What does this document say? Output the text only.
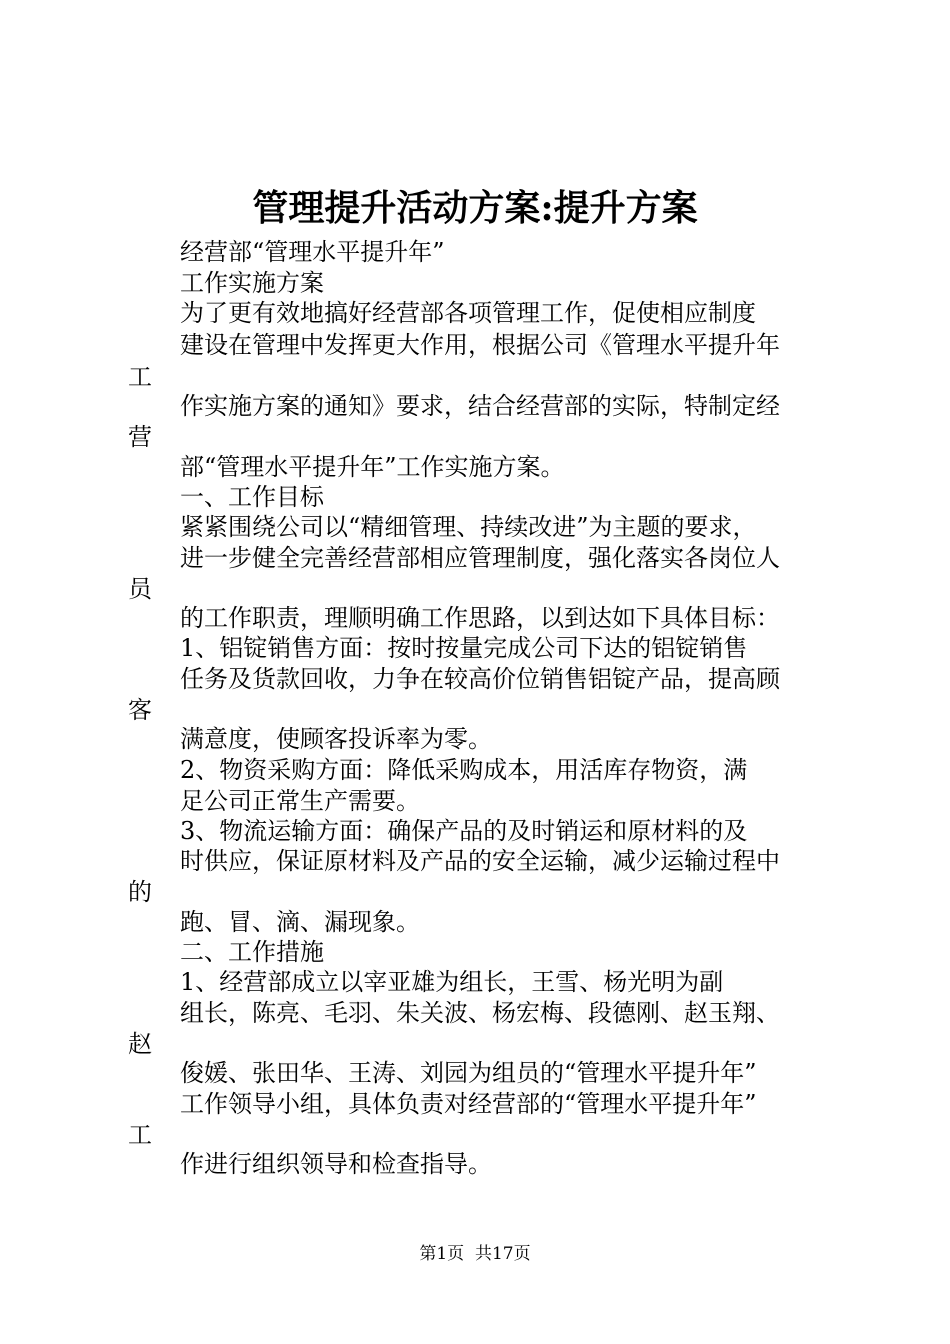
管理提升活动方案:提升方案

经营部“管理水平提升年”

工作实施方案

为了更有效地搞好经营部各项管理工作，促使相应制度

建设在管理中发挥更大作用，根据公司《管理水平提升年

工

作实施方案的通知》要求，结合经营部的实际，特制定经

营

部“管理水平提升年”工作实施方案。

一、工作目标

紧紧围绕公司以“精细管理、持续改进”为主题的要求，

进一步健全完善经营部相应管理制度，强化落实各岗位人

员

的工作职责，理顺明确工作思路，以到达如下具体目标：

1、铝锭销售方面：按时按量完成公司下达的铝锭销售

任务及货款回收，力争在较高价位销售铝锭产品，提高顾

客

满意度，使顾客投诉率为零。

2、物资采购方面：降低采购成本，用活库存物资，满

足公司正常生产需要。

3、物流运输方面：确保产品的及时销运和原材料的及

时供应，保证原材料及产品的安全运输，减少运输过程中

的

跑、冒、滴、漏现象。

二、工作措施

1、经营部成立以宰亚雄为组长，王雪、杨光明为副

组长，陈亮、毛羽、朱关波、杨宏梅、段德刚、赵玉翔、

赵

俊媛、张田华、王涛、刘园为组员的“管理水平提升年”

工作领导小组，具体负责对经营部的“管理水平提升年”

工

作进行组织领导和检查指导。

第1页  共17页
